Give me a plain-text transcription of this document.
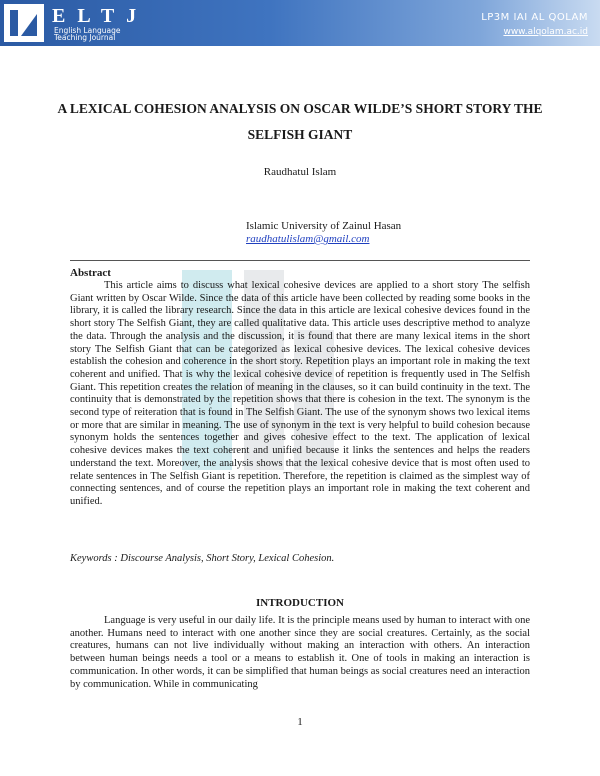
ELTJ
English Language Teaching Journal
LP3M IAI AL QOLAM
www.alqolam.ac.id
A LEXICAL COHESION ANALYSIS ON OSCAR WILDE’S SHORT STORY THE SELFISH GIANT
Raudhatul Islam
Islamic University of Zainul Hasan
raudhatulislam@gmail.com
Abstract
This article aims to discuss what lexical cohesive devices are applied to a short story The selfish Giant written by Oscar Wilde. Since the data of this article have been collected by reading some books in the library, it is called the library research. Since the data in this article are lexical cohesive devices found in the short story The Selfish Giant, they are called qualitative data. This article uses descriptive method to analyze the data. Through the analysis and the discussion, it is found that there are many lexical items in the short story The Selfish Giant that can be categorized as lexical cohesive devices. The lexical cohesive devices establish the cohesion and coherence in the short story. Repetition plays an important role in making the text coherent and unified. That is why the lexical cohesive device of repetition is frequently used in The Selfish Giant. This repetition creates the relation of meaning in the clauses, so it can build continuity in the text. The continuity that is demonstrated by the repetition shows that there is cohesion in the text. The synonym is the second type of reiteration that is found in The Selfish Giant. The use of the synonym shows two lexical items or more that are similar in meaning. The use of synonym in the text is very helpful to build cohesion because synonym holds the sentences together and gives cohesive effect to the text. The application of lexical cohesive devices makes the text coherent and unified because it links the sentences and helps the readers understand the text. Moreover, the analysis shows that the lexical cohesive device that is most often used to relate sentences in The Selfish Giant is repetition. Therefore, the repetition is claimed as the simplest way of connecting sentences, and of course the repetition plays an important role in making the text coherent and unified.
Keywords : Discourse Analysis, Short Story, Lexical Cohesion.
INTRODUCTION
Language is very useful in our daily life. It is the principle means used by human to interact with one another. Humans need to interact with one another since they are social creatures. Certainly, as the social creatures, humans can not live individually without making an interaction with others. An interaction between human beings needs a tool or a means to establish it. One of tools in making an interaction is communication. In other words, it can be simplified that human beings as social creatures need an interaction by communication. While in communicating
1
